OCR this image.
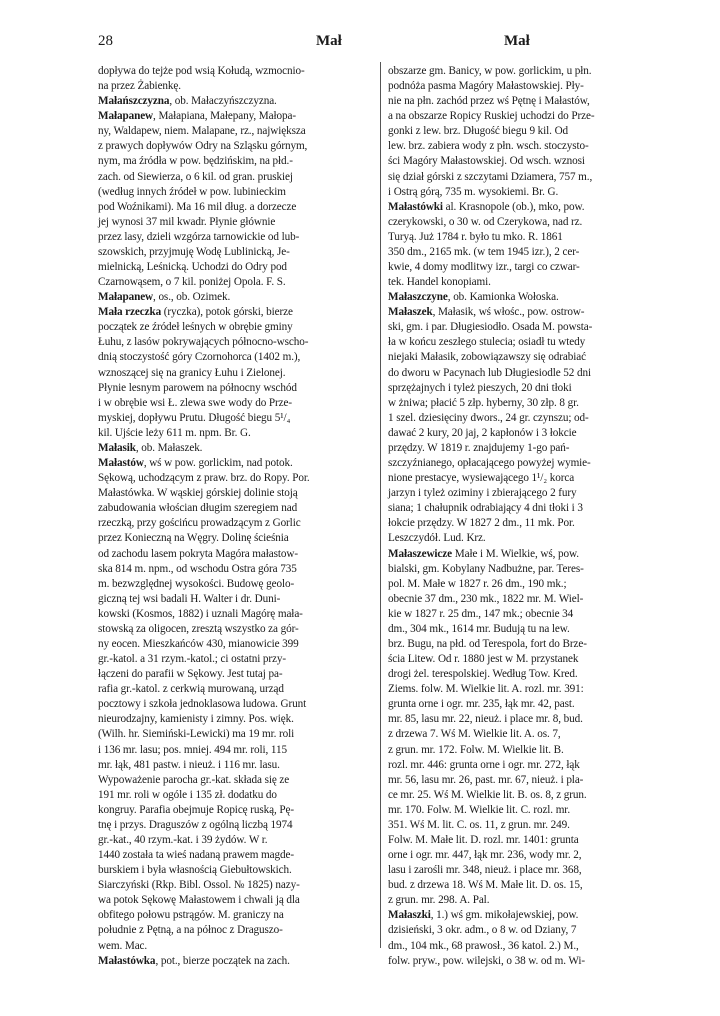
28	Mał	Mał
dopływa do tejże pod wsią Kołudą, wzmocnio-
na przez Żabienkę.
Małańszczyzna, ob. Małaczyńszczyzna.
Małapanew, Małapiana, Małepany, Małopa-
ny, Waldapew, niem. Malapane, rz., największa
z prawych dopływów Odry na Szląsku górnym,
nym, ma źródła w pow. będzińskim, na płd.-
zach. od Siewierza, o 6 kil. od gran. pruskiej
(według innych źródeł w pow. lubinieckim
pod Woźnikami). Ma 16 mil dług. a dorzecze
jej wynosi 37 mil kwadr. Płynie głównie
przez lasy, dzieli wzgórza tarnowickie od lub-
szowskich, przyjmuję Wodę Lublinicką, Je-
mielnicką, Leśnicką. Uchodzi do Odry pod
Czarnowąsem, o 7 kil. poniżej Opola. F. S.
Małapanew, os., ob. Ozimek.
Mała rzeczka (ryczka), potok górski, bierze
początek ze źródeł leśnych w obrębie gminy
Łuhu, z lasów pokrywających północno-wscho-
dnią stoczystość góry Czornohorca (1402 m.),
wznoszącej się na granicy Łuhu i Zielonej.
Płynie lesnym parowem na północny wschód
i w obrębie wsi Ł. zlewa swe wody do Prze-
myskiej, dopływu Prutu. Długość biegu 5¹/₄
kil. Ujście leży 611 m. npm. Br. G.
Małasik, ob. Małaszek.
Małastów, wś w pow. gorlickim, nad potok.
Sękową, uchodzącym z praw. brz. do Ropy. Por.
Małastówka. W wąskiej górskiej dolinie stoją
zabudowania włościan długim szeregiem nad
rzeczką, przy gościńcu prowadzącym z Gorlic
przez Konieczną na Węgry. Dolinę ścieśnia
od zachodu lasem pokryta Magóra małastow-
ska 814 m. npm., od wschodu Ostra góra 735
m. bezwzględnej wysokości. Budowę geolo-
giczną tej wsi badali H. Walter i dr. Duni-
kowski (Kosmos, 1882) i uznali Magórę mała-
stowską za oligocen, zresztą wszystko za gór-
ny eocen. Mieszkańców 430, mianowicie 399
gr.-katol. a 31 rzym.-katol.; ci ostatni przy-
łączeni do parafii w Sękowy. Jest tutaj pa-
rafia gr.-katol. z cerkwią murowaną, urząd
pocztowy i szkoła jednoklasowa ludowa. Grunt
nieurodzajny, kamienisty i zimny. Pos. więk.
(Wilh. hr. Siemiński-Lewicki) ma 19 mr. roli
i 136 mr. lasu; pos. mniej. 494 mr. roli, 115
mr. łąk, 481 pastw. i nieuż. i 116 mr. lasu.
Wypoważenie parocha gr.-kat. składa się ze
191 mr. roli w ogóle i 135 zł. dodatku do
kongruy. Parafia obejmuje Ropicę ruską, Pę-
tnę i przys. Draguszów z ogólną liczbą 1974
gr.-kat., 40 rzym.-kat. i 39 żydów. W r.
1440 została ta wieś nadaną prawem magde-
burskiem i była własnością Giebułtowskich.
Siarczyński (Rkp. Bibl. Ossol. № 1825) nazy-
wa potok Sękowę Małastowem i chwali ją dla
obfitego połowu pstrągów. M. graniczy na
południe z Pętną, a na północ z Draguszo-
wem. Mac.
Małastówka, pot., bierze początek na zach.
obszarze gm. Banicy, w pow. gorlickim, u płn.
podnóża pasma Magóry Małastowskiej. Pły-
nie na płn. zachód przez wś Pętnę i Małastów,
a na obszarze Ropicy Ruskiej uchodzi do Prze-
gonki z lew. brz. Długość biegu 9 kil. Od
lew. brz. zabiera wody z płn. wsch. stoczysto-
ści Magóry Małastowskiej. Od wsch. wznosi
się dział górski z szczytami Dziamera, 757 m.,
i Ostrą górą, 735 m. wysokiemi. Br. G.
Małastówki al. Krasnopole (ob.), mko, pow.
czerykowski, o 30 w. od Czerykowa, nad rz.
Turyą. Już 1784 r. było tu mko. R. 1861
350 dm., 2165 mk. (w tem 1945 izr.), 2 cer-
kwie, 4 domy modlitwy izr., targi co czwar-
tek. Handel konopiami.
Małaszczyne, ob. Kamionka Wołoska.
Małaszek, Małasik, wś włośc., pow. ostrow-
ski, gm. i par. Długiesiodło. Osada M. powsta-
ła w końcu zeszłego stulecia; osiadł tu wtedy
niejaki Małasik, zobowiązawszy się odrabiać
do dworu w Pacynach lub Długiesiodle 52 dni
sprzężajnych i tyleż pieszych, 20 dni tłoki
w żniwa; płacić 5 złp. hyberny, 30 złp. 8 gr.
1 szel. dziesięciny dwors., 24 gr. czynszu; od-
dawać 2 kury, 20 jaj, 2 kapłonów i 3 łokcie
przędzy. W 1819 r. znajdujemy 1-go pań-
szczyźnianego, opłacającego powyżej wymie-
nione prestacye, wysiewającego 1¹/₂ korca
jarzyn i tyleż oziminy i zbierającego 2 fury
siana; 1 chałupnik odrabiający 4 dni tłoki i 3
łokcie przędzy. W 1827 2 dm., 11 mk. Por.
Leszczydół. Lud. Krz.
Małaszewicze Małe i M. Wielkie, wś, pow.
bialski, gm. Kobylany Nadbużne, par. Teres-
pol. M. Małe w 1827 r. 26 dm., 190 mk.;
obecnie 37 dm., 230 mk., 1822 mr. M. Wiel-
kie w 1827 r. 25 dm., 147 mk.; obecnie 34
dm., 304 mk., 1614 mr. Budują tu na lew.
brz. Bugu, na płd. od Terespola, fort do Brze-
ścia Litew. Od r. 1880 jest w M. przystanek
drogi żel. terespolskiej. Według Tow. Kred.
Ziems. folw. M. Wielkie lit. A. rozl. mr. 391:
grunta orne i ogr. mr. 235, łąk mr. 42, past.
mr. 85, lasu mr. 22, nieuż. i place mr. 8, bud.
z drzewa 7. Wś M. Wielkie lit. A. os. 7,
z grun. mr. 172. Folw. M. Wielkie lit. B.
rozl. mr. 446: grunta orne i ogr. mr. 272, łąk
mr. 56, lasu mr. 26, past. mr. 67, nieuż. i pla-
ce mr. 25. Wś M. Wielkie lit. B. os. 8, z grun.
mr. 170. Folw. M. Wielkie lit. C. rozl. mr.
351. Wś M. lit. C. os. 11, z grun. mr. 249.
Folw. M. Małe lit. D. rozl. mr. 1401: grunta
orne i ogr. mr. 447, łąk mr. 236, wody mr. 2,
lasu i zarośli mr. 348, nieuż. i place mr. 368,
bud. z drzewa 18. Wś M. Małe lit. D. os. 15,
z grun. mr. 298. A. Pal.
Małaszki, 1.) wś gm. mikołajewskiej, pow.
dzisieński, 3 okr. adm., o 8 w. od Dziany, 7
dm., 104 mk., 68 prawosł., 36 katol. 2.) M.,
folw. pryw., pow. wilejski, o 38 w. od m. Wi-
